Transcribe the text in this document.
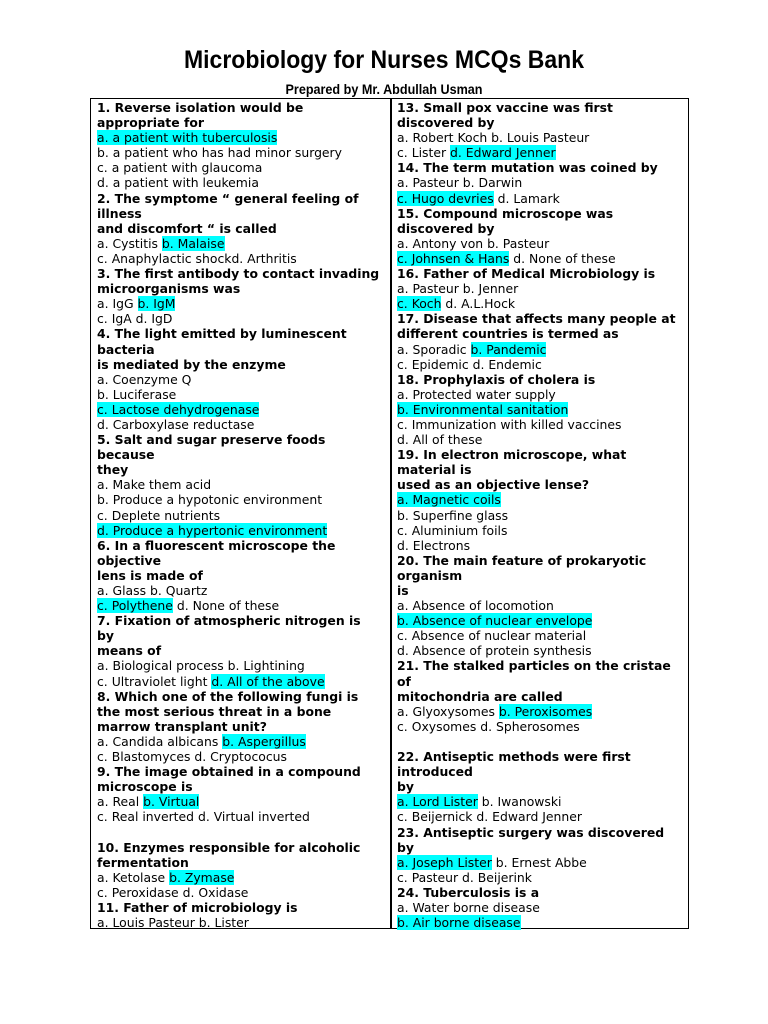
Microbiology for Nurses MCQs Bank
Prepared by Mr. Abdullah Usman
1. Reverse isolation would be
appropriate for
a. a patient with tuberculosis
b. a patient who has had minor surgery
c. a patient with glaucoma
d. a patient with leukemia
2. The symptome “ general feeling of
illness
and discomfort “ is called
a. Cystitis b. Malaise
c. Anaphylactic shockd. Arthritis
3. The first antibody to contact invading
microorganisms was
a. IgG b. IgM
c. IgA d. IgD
4. The light emitted by luminescent
bacteria
is mediated by the enzyme
a. Coenzyme Q
b. Luciferase
c. Lactose dehydrogenase
d. Carboxylase reductase
5. Salt and sugar preserve foods
because
they
a. Make them acid
b. Produce a hypotonic environment
c. Deplete nutrients
d. Produce a hypertonic environment
6. In a fluorescent microscope the
objective
lens is made of
a. Glass b. Quartz
c. Polythene d. None of these
7. Fixation of atmospheric nitrogen is
by
means of
a. Biological process b. Lightining
c. Ultraviolet light d. All of the above
8. Which one of the following fungi is
the most serious threat in a bone
marrow transplant unit?
a. Candida albicans b. Aspergillus
c. Blastomyces d. Cryptococus
9. The image obtained in a compound
microscope is
a. Real b. Virtual
c. Real inverted d. Virtual inverted
10. Enzymes responsible for alcoholic
fermentation
a. Ketolase b. Zymase
c. Peroxidase d. Oxidase
11. Father of microbiology is
a. Louis Pasteur b. Lister
13. Small pox vaccine was first
discovered by
a. Robert Koch b. Louis Pasteur
c. Lister d. Edward Jenner
14. The term mutation was coined by
a. Pasteur b. Darwin
c. Hugo devries d. Lamark
15. Compound microscope was
discovered by
a. Antony von b. Pasteur
c. Johnsen & Hans d. None of these
16. Father of Medical Microbiology is
a. Pasteur b. Jenner
c. Koch d. A.L.Hock
17. Disease that affects many people at
different countries is termed as
a. Sporadic b. Pandemic
c. Epidemic d. Endemic
18. Prophylaxis of cholera is
a. Protected water supply
b. Environmental sanitation
c. Immunization with killed vaccines
d. All of these
19. In electron microscope, what
material is
used as an objective lense?
a. Magnetic coils
b. Superfine glass
c. Aluminium foils
d. Electrons
20. The main feature of prokaryotic
organism
is
a. Absence of locomotion
b. Absence of nuclear envelope
c. Absence of nuclear material
d. Absence of protein synthesis
21. The stalked particles on the cristae
of
mitochondria are called
a. Glyoxysomes b. Peroxisomes
c. Oxysomes d. Spherosomes
22. Antiseptic methods were first
introduced
by
a. Lord Lister b. Iwanowski
c. Beijernick d. Edward Jenner
23. Antiseptic surgery was discovered
by
a. Joseph Lister b. Ernest Abbe
c. Pasteur d. Beijerink
24. Tuberculosis is a
a. Water borne disease
b. Air borne disease
